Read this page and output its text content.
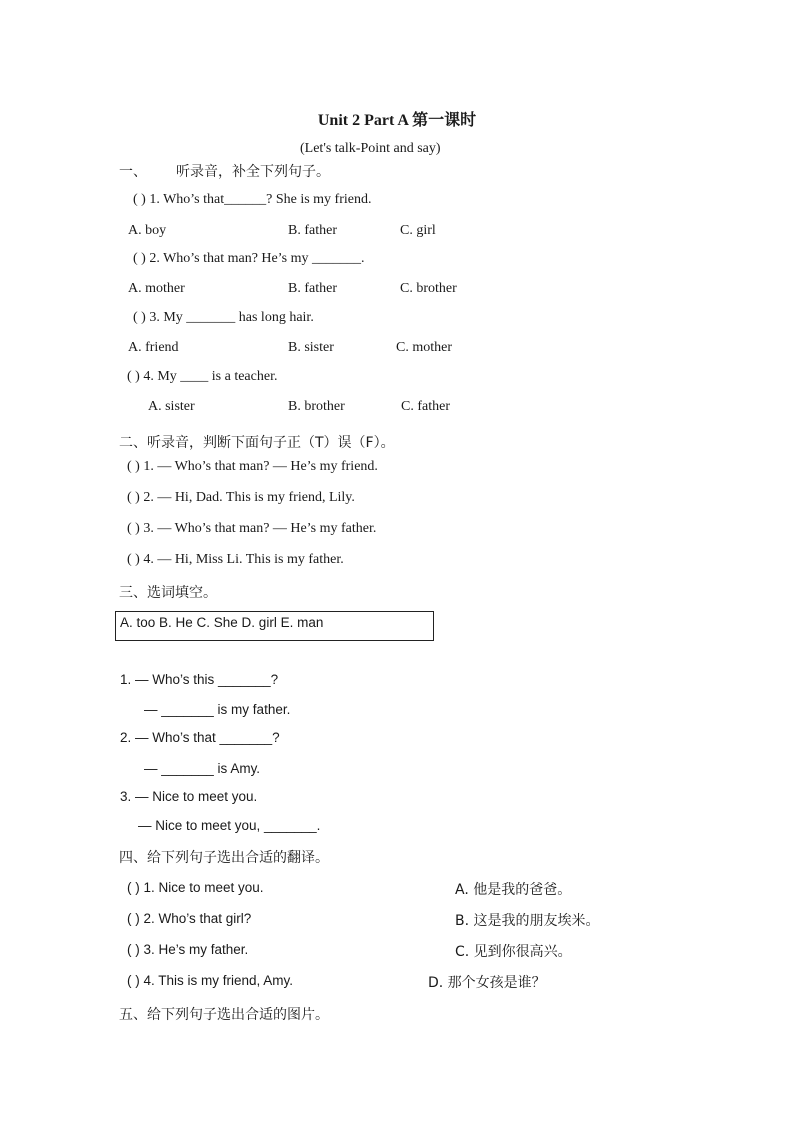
Unit 2 Part A 第一课时
(Let's talk-Point and say)
一、 听录音，补全下列句子。
( ) 1. Who’s that______? She is my friend.
A. boy	B. father	C. girl
( ) 2. Who’s that man? He’s my _______.
A. mother	B. father	C. brother
( ) 3. My _______ has long hair.
A. friend	B. sister	C. mother
( ) 4. My ____ is a teacher.
A. sister	B. brother	C. father
二、听录音，判断下面句子正（T）误（F）。
( ) 1. — Who’s that man? — He’s my friend.
( ) 2. — Hi, Dad. This is my friend, Lily.
( ) 3. — Who’s that man? — He’s my father.
( ) 4. — Hi, Miss Li. This is my father.
三、选词填空。
A. too B. He C. She D. girl E. man
1. — Who’s this _______?
— _______ is my father.
2. — Who’s that _______?
— _______ is Amy.
3. — Nice to meet you.
— Nice to meet you, _______.
四、给下列句子选出合适的翻译。
( ) 1. Nice to meet you.	A. 他是我的爸爸。
( ) 2. Who’s that girl?	B. 这是我的朋友埃米。
( ) 3. He’s my father.	C. 见到你很高兴。
( ) 4. This is my friend, Amy.	D. 那个女孩是谁？
五、给下列句子选出合适的图片。
